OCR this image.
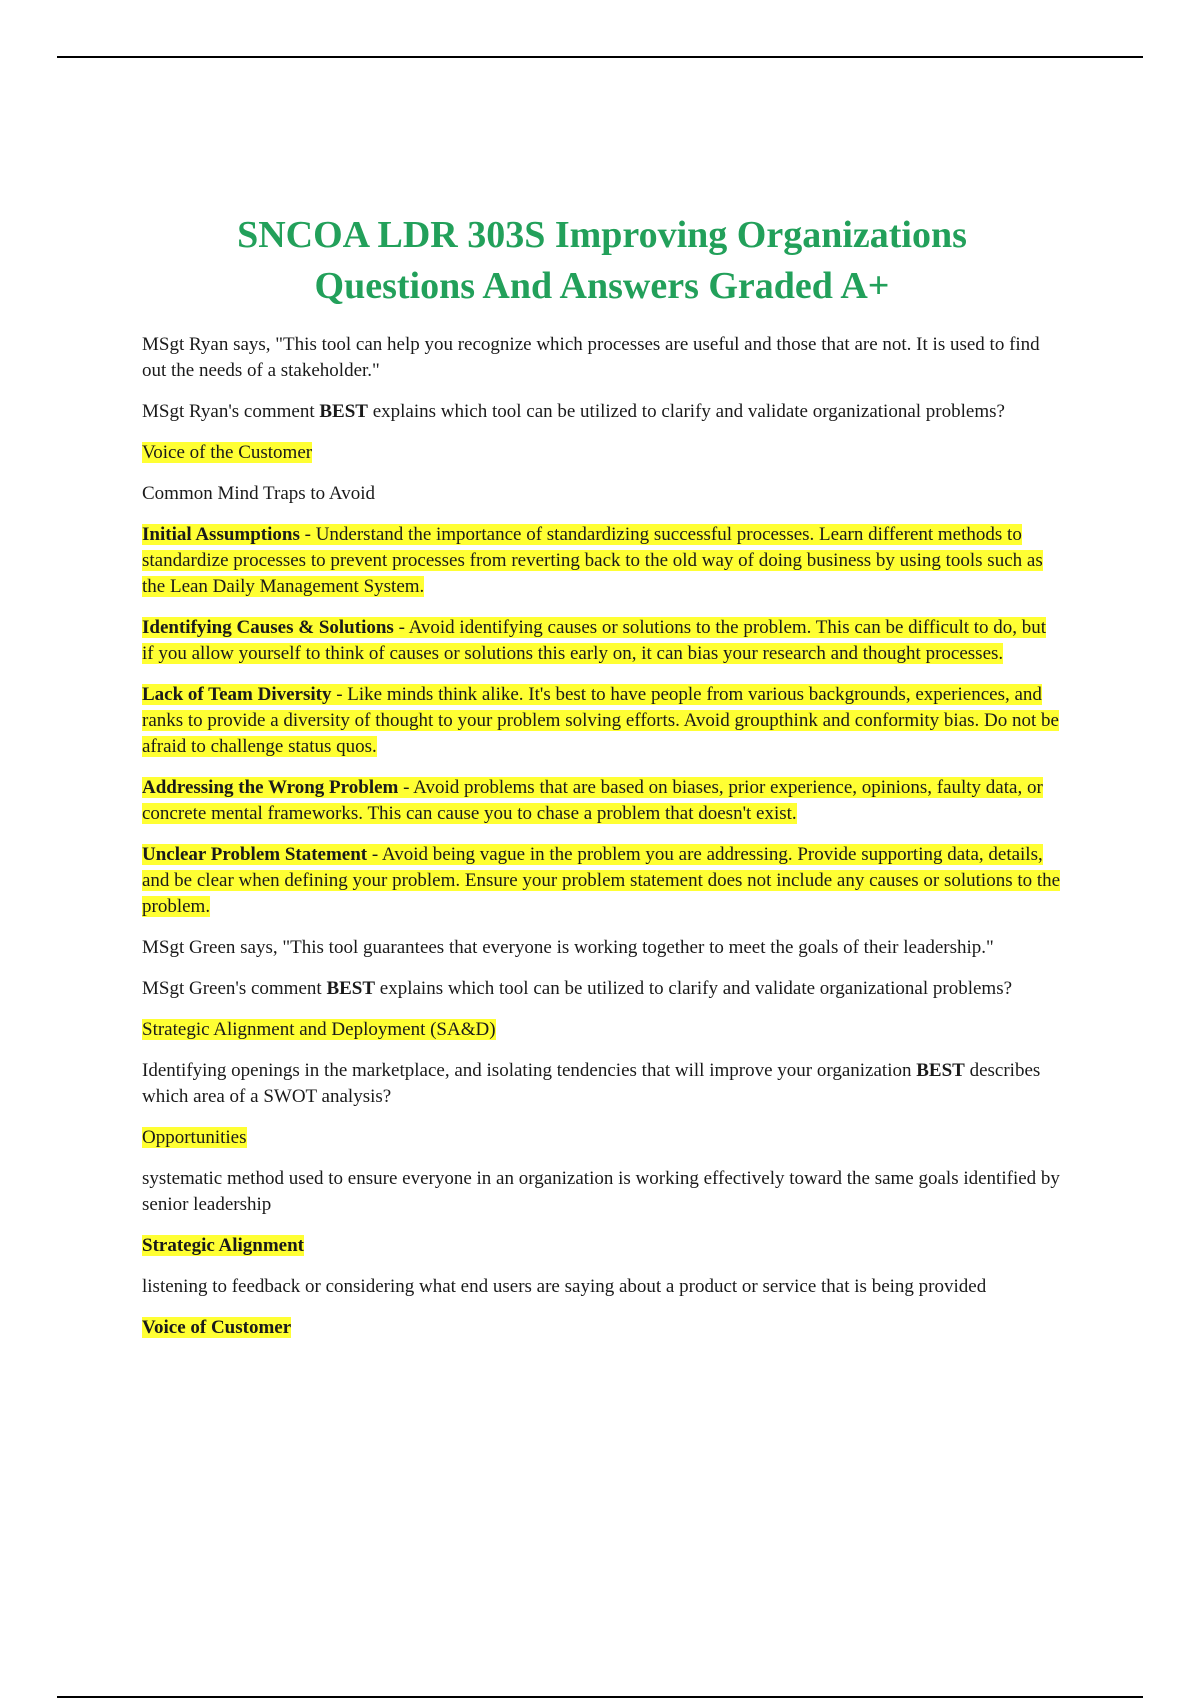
SNCOA LDR 303S Improving Organizations
Questions And Answers Graded A+

MSgt Ryan says, "This tool can help you recognize which processes are useful and those that are not. It is used to find out the needs of a stakeholder."

MSgt Ryan's comment BEST explains which tool can be utilized to clarify and validate organizational problems?

Voice of the Customer

Common Mind Traps to Avoid

Initial Assumptions - Understand the importance of standardizing successful processes. Learn different methods to standardize processes to prevent processes from reverting back to the old way of doing business by using tools such as the Lean Daily Management System.

Identifying Causes & Solutions - Avoid identifying causes or solutions to the problem. This can be difficult to do, but if you allow yourself to think of causes or solutions this early on, it can bias your research and thought processes.

Lack of Team Diversity - Like minds think alike. It's best to have people from various backgrounds, experiences, and ranks to provide a diversity of thought to your problem solving efforts. Avoid groupthink and conformity bias. Do not be afraid to challenge status quos.

Addressing the Wrong Problem - Avoid problems that are based on biases, prior experience, opinions, faulty data, or concrete mental frameworks. This can cause you to chase a problem that doesn't exist.

Unclear Problem Statement - Avoid being vague in the problem you are addressing. Provide supporting data, details, and be clear when defining your problem. Ensure your problem statement does not include any causes or solutions to the problem.

MSgt Green says, "This tool guarantees that everyone is working together to meet the goals of their leadership."

MSgt Green's comment BEST explains which tool can be utilized to clarify and validate organizational problems?

Strategic Alignment and Deployment (SA&D)

Identifying openings in the marketplace, and isolating tendencies that will improve your organization BEST describes which area of a SWOT analysis?

Opportunities

systematic method used to ensure everyone in an organization is working effectively toward the same goals identified by senior leadership

Strategic Alignment

listening to feedback or considering what end users are saying about a product or service that is being provided

Voice of Customer
